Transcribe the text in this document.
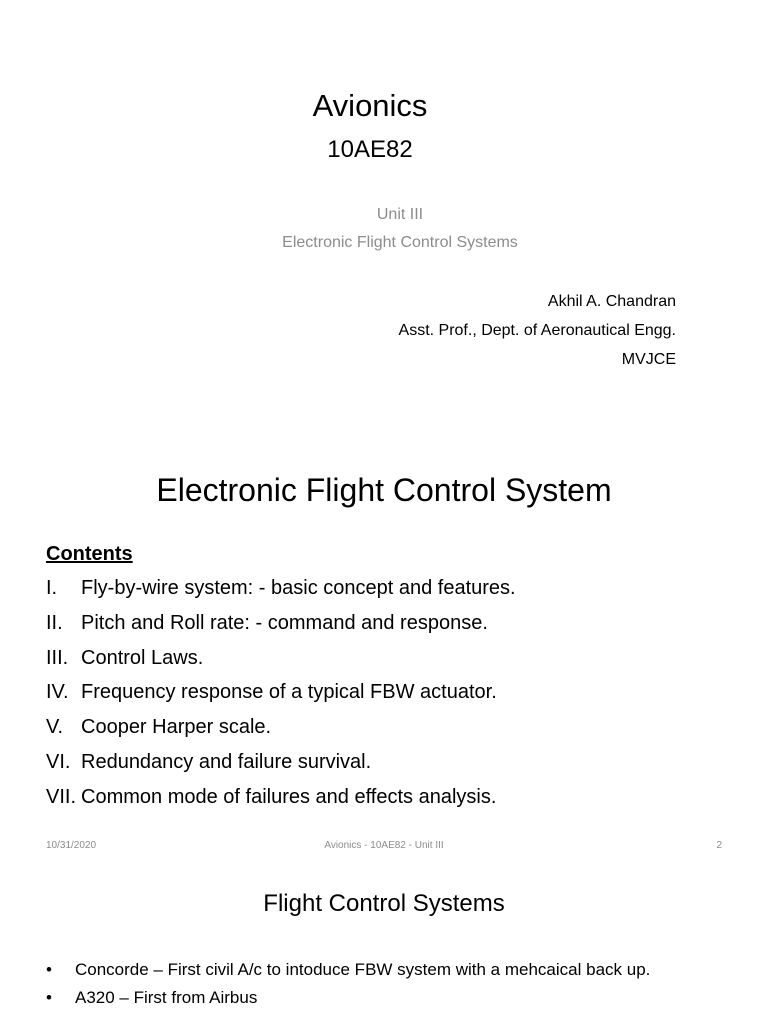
Avionics
10AE82
Unit III
Electronic Flight Control Systems
Akhil A. Chandran
Asst. Prof., Dept. of Aeronautical Engg.
MVJCE
Electronic Flight Control System
Contents
I. Fly-by-wire system: - basic concept and features.
II. Pitch and Roll rate: - command and response.
III. Control Laws.
IV. Frequency response of a typical FBW actuator.
V. Cooper Harper scale.
VI. Redundancy and failure survival.
VII. Common mode of failures and effects analysis.
10/31/2020	Avionics - 10AE82 - Unit III	2
Flight Control Systems
•	Concorde – First civil A/c to intoduce FBW system with a mehcaical back up.
•	A320 – First from Airbus
